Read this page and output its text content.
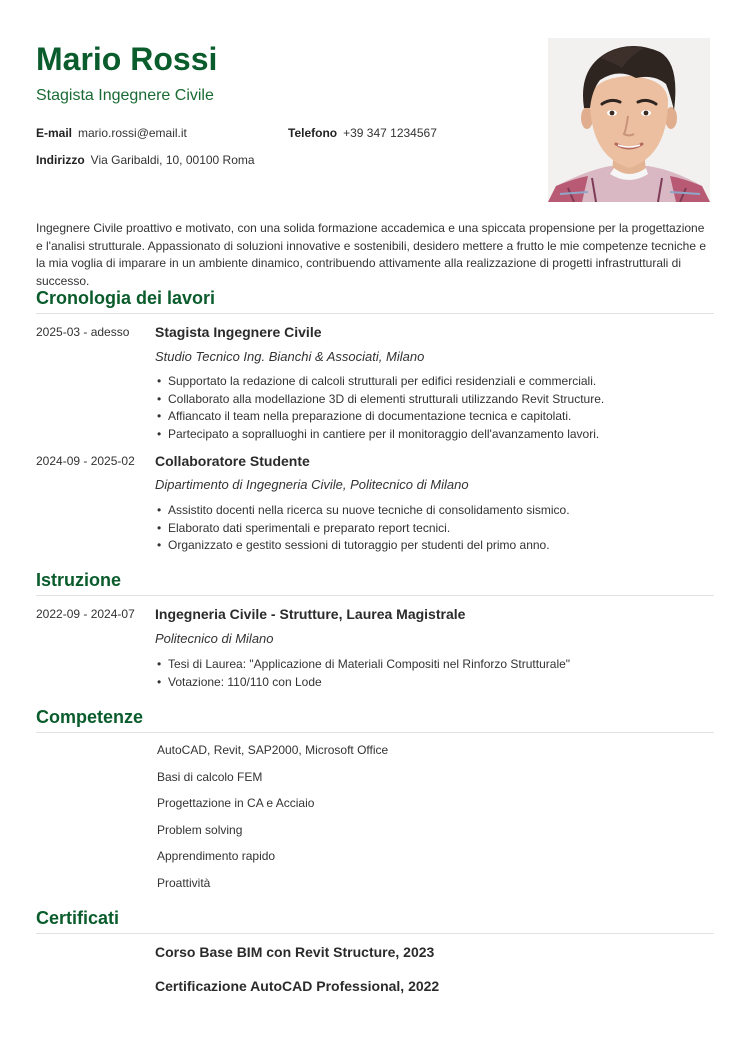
Mario Rossi
Stagista Ingegnere Civile
E-mail mario.rossi@email.it	Telefono +39 347 1234567
Indirizzo Via Garibaldi, 10, 00100 Roma
Ingegnere Civile proattivo e motivato, con una solida formazione accademica e una spiccata propensione per la progettazione e l'analisi strutturale. Appassionato di soluzioni innovative e sostenibili, desidero mettere a frutto le mie competenze tecniche e la mia voglia di imparare in un ambiente dinamico, contribuendo attivamente alla realizzazione di progetti infrastrutturali di successo.
Cronologia dei lavori
2025-03 - adesso Stagista Ingegnere Civile
Studio Tecnico Ing. Bianchi & Associati, Milano
• Supportato la redazione di calcoli strutturali per edifici residenziali e commerciali.
• Collaborato alla modellazione 3D di elementi strutturali utilizzando Revit Structure.
• Affiancato il team nella preparazione di documentazione tecnica e capitolati.
• Partecipato a sopralluoghi in cantiere per il monitoraggio dell'avanzamento lavori.
2024-09 - 2025-02 Collaboratore Studente
Dipartimento di Ingegneria Civile, Politecnico di Milano
• Assistito docenti nella ricerca su nuove tecniche di consolidamento sismico.
• Elaborato dati sperimentali e preparato report tecnici.
• Organizzato e gestito sessioni di tutoraggio per studenti del primo anno.
Istruzione
2022-09 - 2024-07 Ingegneria Civile - Strutture, Laurea Magistrale
Politecnico di Milano
• Tesi di Laurea: "Applicazione di Materiali Compositi nel Rinforzo Strutturale"
• Votazione: 110/110 con Lode
Competenze
AutoCAD, Revit, SAP2000, Microsoft Office
Basi di calcolo FEM
Progettazione in CA e Acciaio
Problem solving
Apprendimento rapido
Proattività
Certificati
Corso Base BIM con Revit Structure, 2023
Certificazione AutoCAD Professional, 2022
